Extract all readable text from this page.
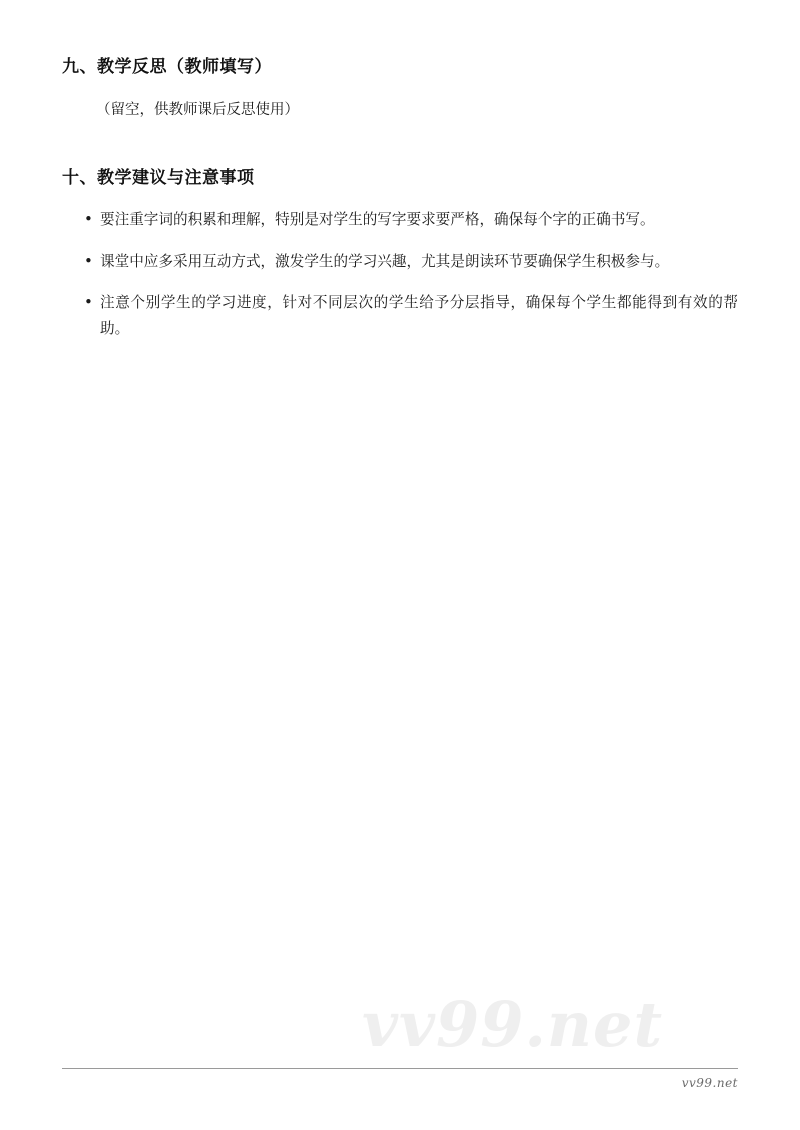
九、教学反思（教师填写）

（留空，供教师课后反思使用）

十、教学建议与注意事项
• 要注重字词的积累和理解，特别是对学生的写字要求要严格，确保每个字的正确书写。
• 课堂中应多采用互动方式，激发学生的学习兴趣，尤其是朗读环节要确保学生积极参与。
• 注意个别学生的学习进度，针对不同层次的学生给予分层指导，确保每个学生都能得到有效的帮助。
vv99.net
vv99.net
